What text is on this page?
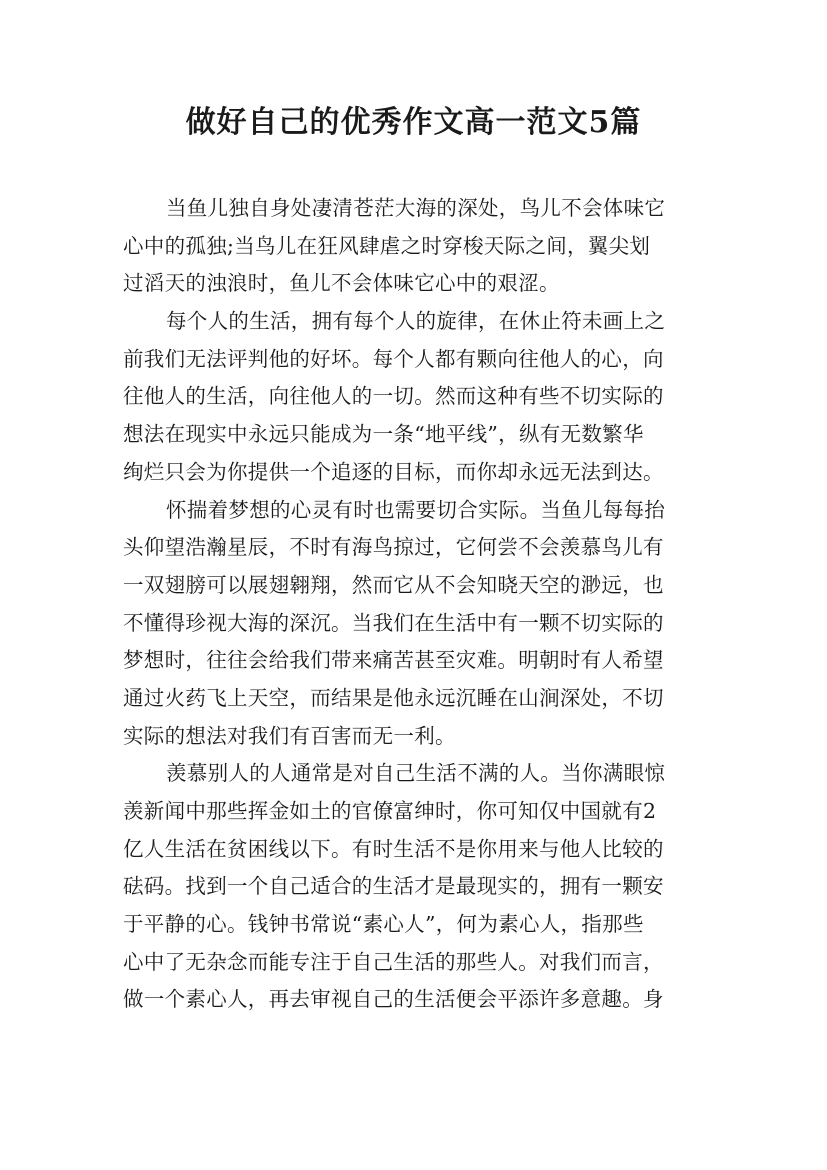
做好自己的优秀作文高一范文5篇
当鱼儿独自身处凄清苍茫大海的深处，鸟儿不会体味它
心中的孤独;当鸟儿在狂风肆虐之时穿梭天际之间，翼尖划
过滔天的浊浪时，鱼儿不会体味它心中的艰涩。
每个人的生活，拥有每个人的旋律，在休止符未画上之
前我们无法评判他的好坏。每个人都有颗向往他人的心，向
往他人的生活，向往他人的一切。然而这种有些不切实际的
想法在现实中永远只能成为一条“地平线”，纵有无数繁华
绚烂只会为你提供一个追逐的目标，而你却永远无法到达。
怀揣着梦想的心灵有时也需要切合实际。当鱼儿每每抬
头仰望浩瀚星辰，不时有海鸟掠过，它何尝不会羡慕鸟儿有
一双翅膀可以展翅翱翔，然而它从不会知晓天空的渺远，也
不懂得珍视大海的深沉。当我们在生活中有一颗不切实际的
梦想时，往往会给我们带来痛苦甚至灾难。明朝时有人希望
通过火药飞上天空，而结果是他永远沉睡在山涧深处，不切
实际的想法对我们有百害而无一利。
羡慕别人的人通常是对自己生活不满的人。当你满眼惊
羡新闻中那些挥金如土的官僚富绅时，你可知仅中国就有2
亿人生活在贫困线以下。有时生活不是你用来与他人比较的
砝码。找到一个自己适合的生活才是最现实的，拥有一颗安
于平静的心。钱钟书常说“素心人”，何为素心人，指那些
心中了无杂念而能专注于自己生活的那些人。对我们而言，
做一个素心人，再去审视自己的生活便会平添许多意趣。身
